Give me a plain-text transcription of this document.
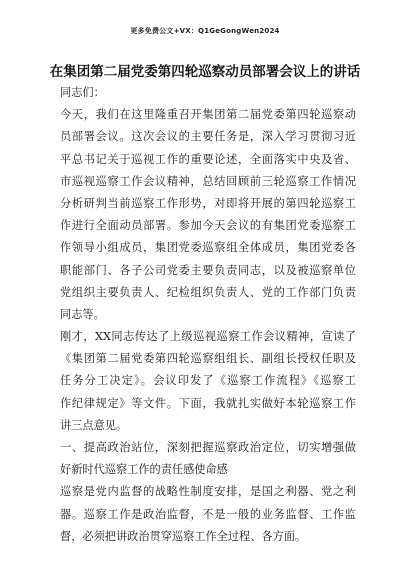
更多免费公文+VX：Q1GeGongWen2024
在集团第二届党委第四轮巡察动员部署会议上的讲话
同志们：
今天，我们在这里隆重召开集团第二届党委第四轮巡察动
员部署会议。这次会议的主要任务是，深入学习贯彻习近
平总书记关于巡视工作的重要论述，全面落实中央及省、
市巡视巡察工作会议精神，总结回顾前三轮巡察工作情况
分析研判当前巡察工作形势，对即将开展的第四轮巡察工
作进行全面动员部署。参加今天会议的有集团党委巡察工
作领导小组成员，集团党委巡察组全体成员，集团党委各
职能部门、各子公司党委主要负责同志，以及被巡察单位
党组织主要负责人、纪检组织负责人、党的工作部门负责
同志等。
刚才，XX同志传达了上级巡视巡察工作会议精神，宣读了
《集团第二届党委第四轮巡察组组长、副组长授权任职及
任务分工决定》。会议印发了《巡察工作流程》《巡察工
作纪律规定》等文件。下面，我就扎实做好本轮巡察工作
讲三点意见。
一、提高政治站位，深刻把握巡察政治定位，切实增强做
好新时代巡察工作的责任感使命感
巡察是党内监督的战略性制度安排，是国之利器、党之利
器。巡察工作是政治监督，不是一般的业务监督、工作监
督，必须把讲政治贯穿巡察工作全过程、各方面。
